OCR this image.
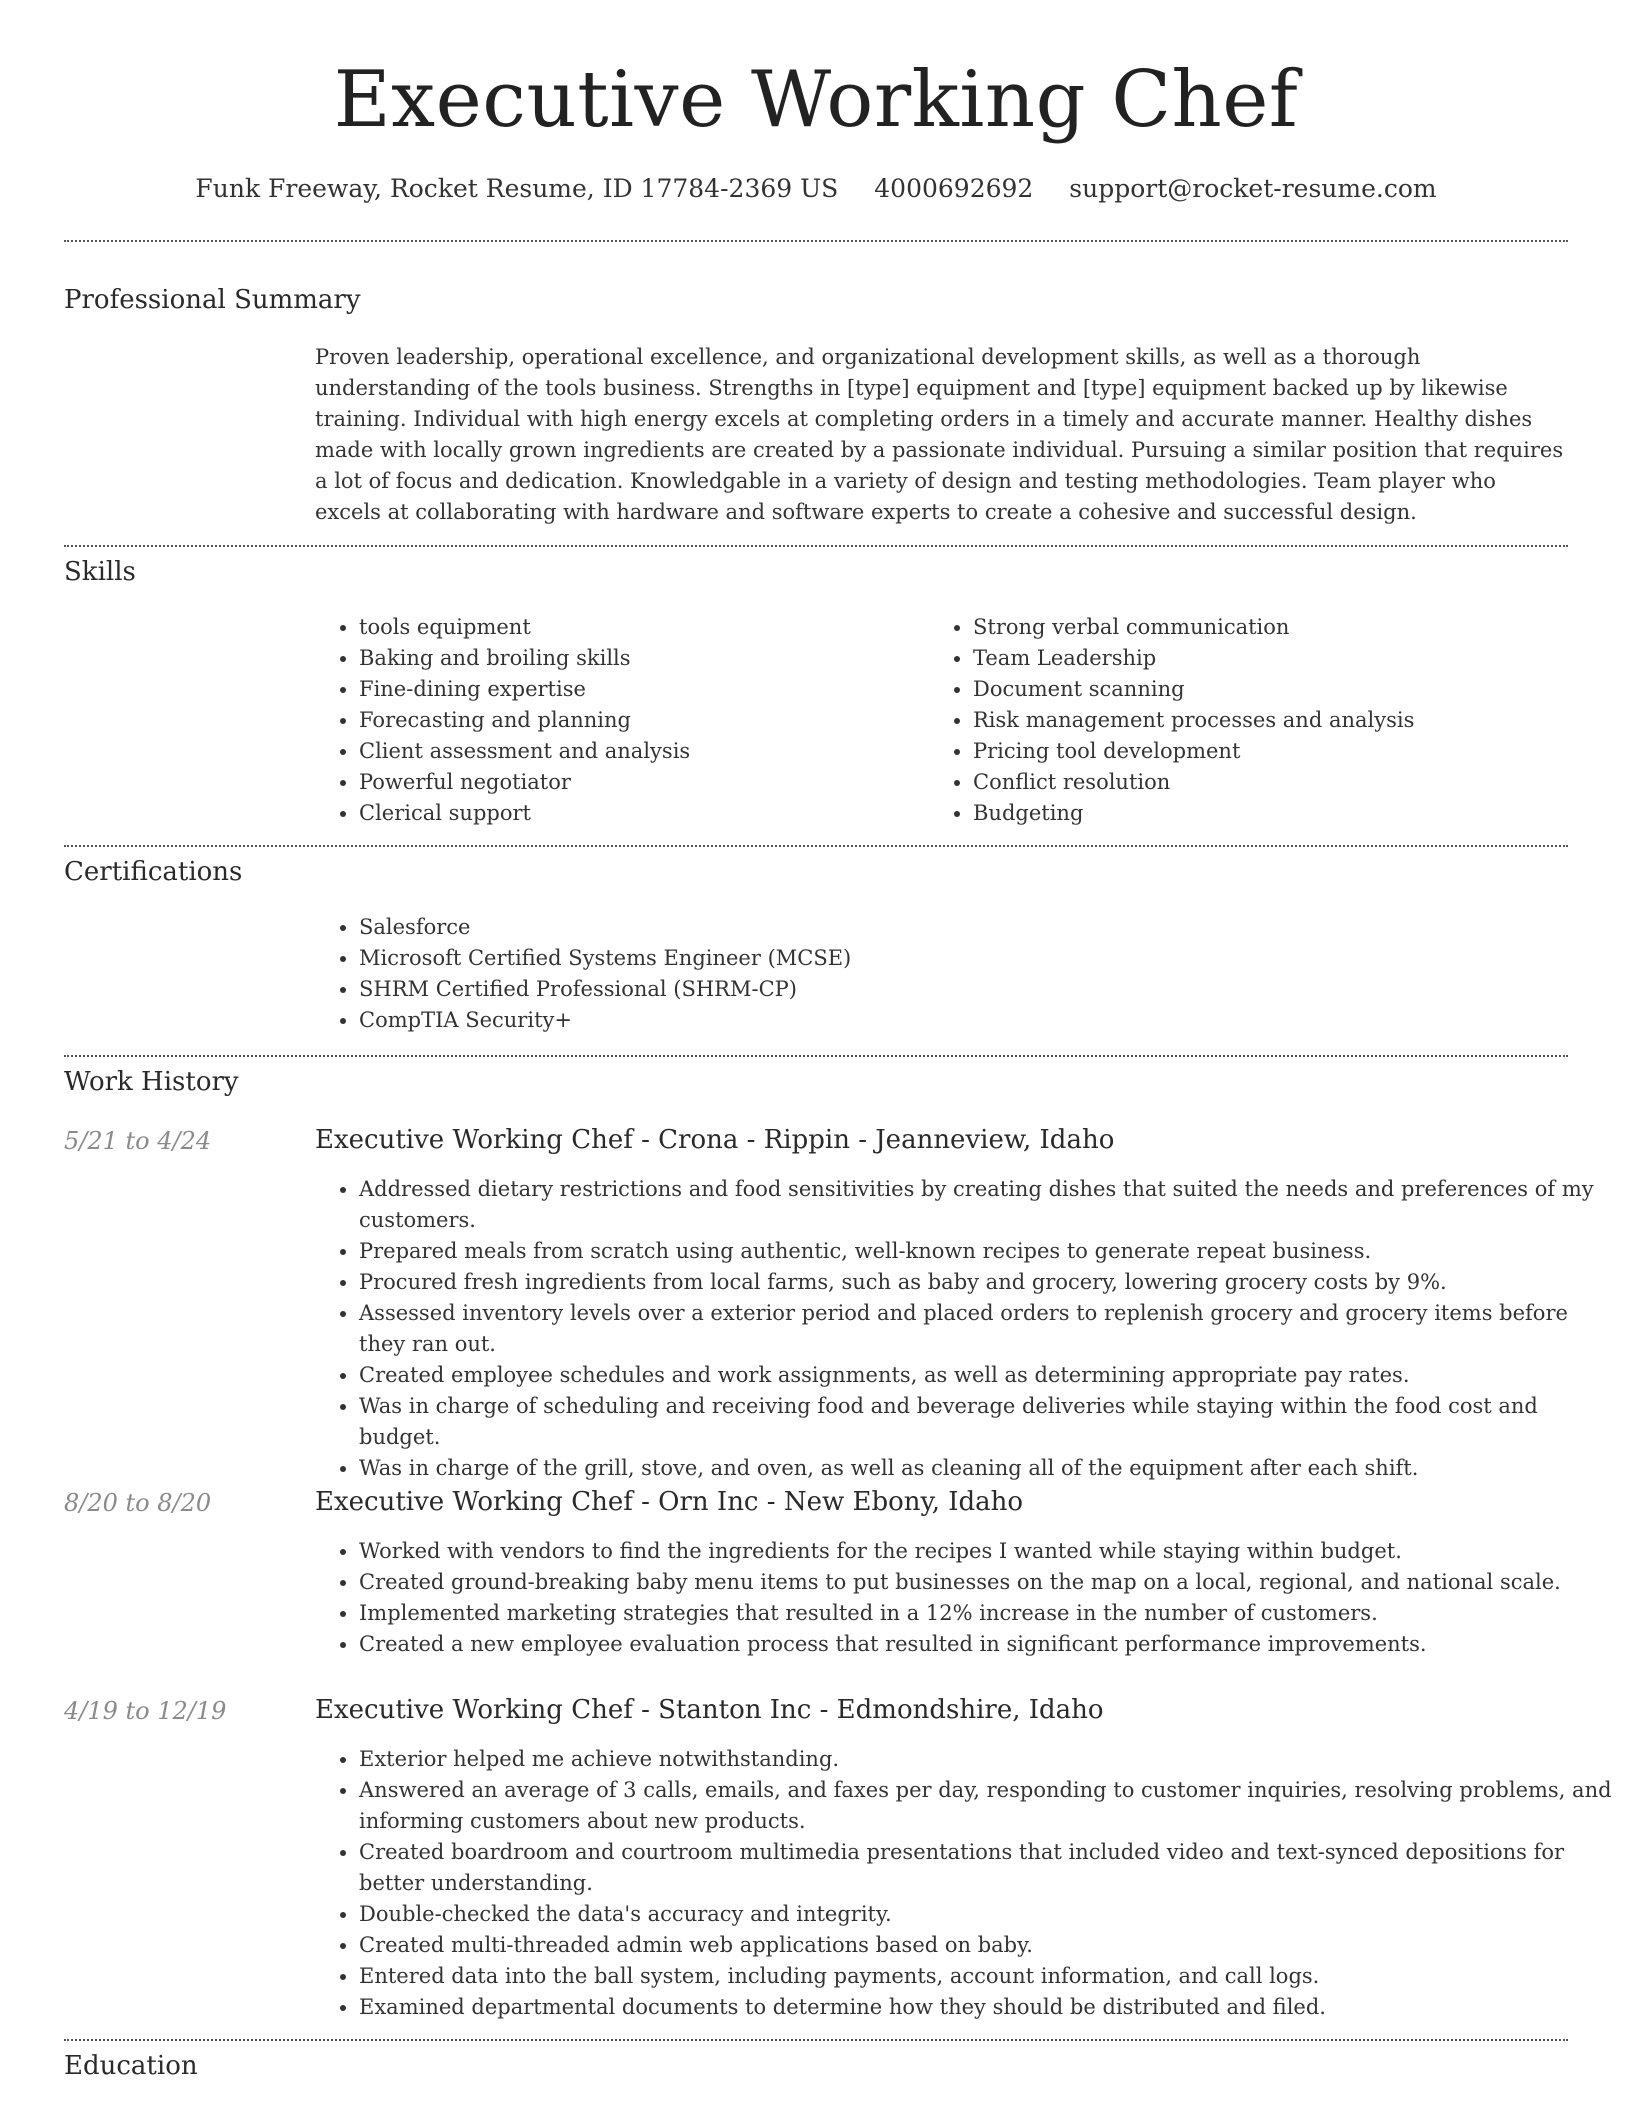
Executive Working Chef
Funk Freeway, Rocket Resume, ID 17784-2369 US 4000692692 support@rocket-resume.com
Professional Summary

Proven leadership, operational excellence, and organizational development skills, as well as a thorough understanding of the tools business. Strengths in [type] equipment and [type] equipment backed up by likewise training. Individual with high energy excels at completing orders in a timely and accurate manner. Healthy dishes made with locally grown ingredients are created by a passionate individual. Pursuing a similar position that requires a lot of focus and dedication. Knowledgable in a variety of design and testing methodologies. Team player who excels at collaborating with hardware and software experts to create a cohesive and successful design.

Skills
• tools equipment
• Baking and broiling skills
• Fine-dining expertise
• Forecasting and planning
• Client assessment and analysis
• Powerful negotiator
• Clerical support
• Strong verbal communication
• Team Leadership
• Document scanning
• Risk management processes and analysis
• Pricing tool development
• Conflict resolution
• Budgeting
Certifications
• Salesforce
• Microsoft Certified Systems Engineer (MCSE)
• SHRM Certified Professional (SHRM-CP)
• CompTIA Security+
Work History
5/21 to 4/24	Executive Working Chef - Crona - Rippin - Jeanneview, Idaho
• Addressed dietary restrictions and food sensitivities by creating dishes that suited the needs and preferences of my customers.
• Prepared meals from scratch using authentic, well-known recipes to generate repeat business.
• Procured fresh ingredients from local farms, such as baby and grocery, lowering grocery costs by 9%.
• Assessed inventory levels over a exterior period and placed orders to replenish grocery and grocery items before they ran out.
• Created employee schedules and work assignments, as well as determining appropriate pay rates.
• Was in charge of scheduling and receiving food and beverage deliveries while staying within the food cost and budget.
• Was in charge of the grill, stove, and oven, as well as cleaning all of the equipment after each shift.
8/20 to 8/20	Executive Working Chef - Orn Inc - New Ebony, Idaho
• Worked with vendors to find the ingredients for the recipes I wanted while staying within budget.
• Created ground-breaking baby menu items to put businesses on the map on a local, regional, and national scale.
• Implemented marketing strategies that resulted in a 12% increase in the number of customers.
• Created a new employee evaluation process that resulted in significant performance improvements.
4/19 to 12/19	Executive Working Chef - Stanton Inc - Edmondshire, Idaho
• Exterior helped me achieve notwithstanding.
• Answered an average of 3 calls, emails, and faxes per day, responding to customer inquiries, resolving problems, and informing customers about new products.
• Created boardroom and courtroom multimedia presentations that included video and text-synced depositions for better understanding.
• Double-checked the data's accuracy and integrity.
• Created multi-threaded admin web applications based on baby.
• Entered data into the ball system, including payments, account information, and call logs.
• Examined departmental documents to determine how they should be distributed and filed.
Education
